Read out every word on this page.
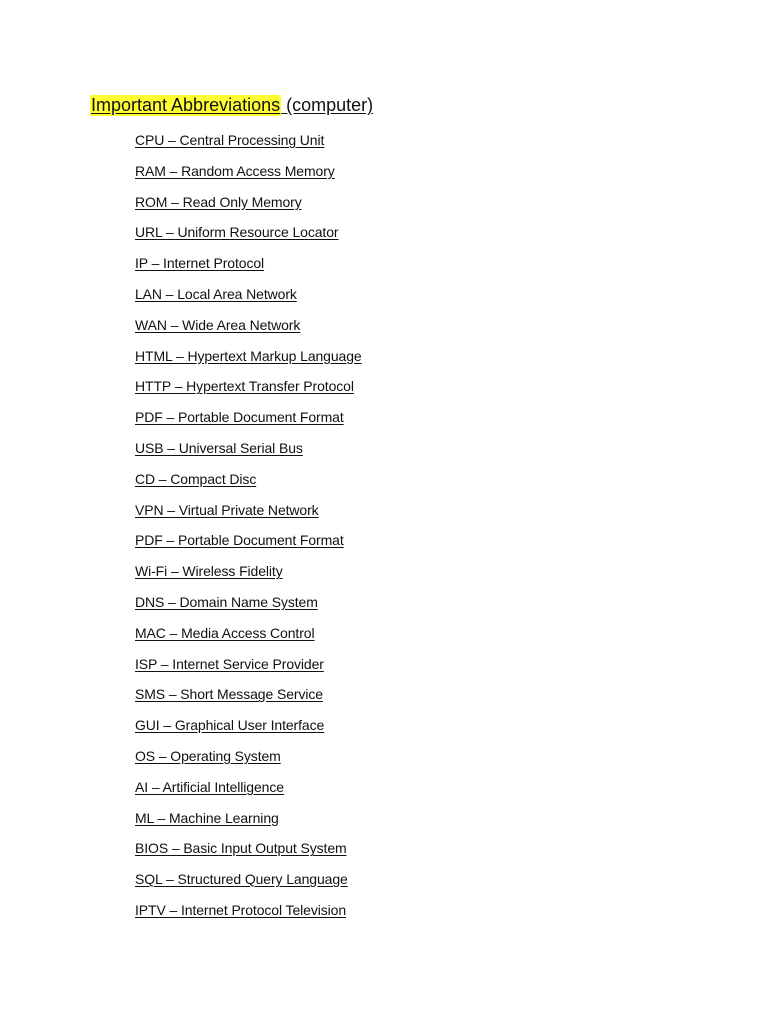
Important Abbreviations (computer)
CPU – Central Processing Unit
RAM – Random Access Memory
ROM – Read Only Memory
URL – Uniform Resource Locator
IP – Internet Protocol
LAN – Local Area Network
WAN – Wide Area Network
HTML – Hypertext Markup Language
HTTP – Hypertext Transfer Protocol
PDF – Portable Document Format
USB – Universal Serial Bus
CD – Compact Disc
VPN – Virtual Private Network
PDF – Portable Document Format
Wi-Fi – Wireless Fidelity
DNS – Domain Name System
MAC – Media Access Control
ISP – Internet Service Provider
SMS – Short Message Service
GUI – Graphical User Interface
OS – Operating System
AI – Artificial Intelligence
ML – Machine Learning
BIOS – Basic Input Output System
SQL – Structured Query Language
IPTV – Internet Protocol Television
